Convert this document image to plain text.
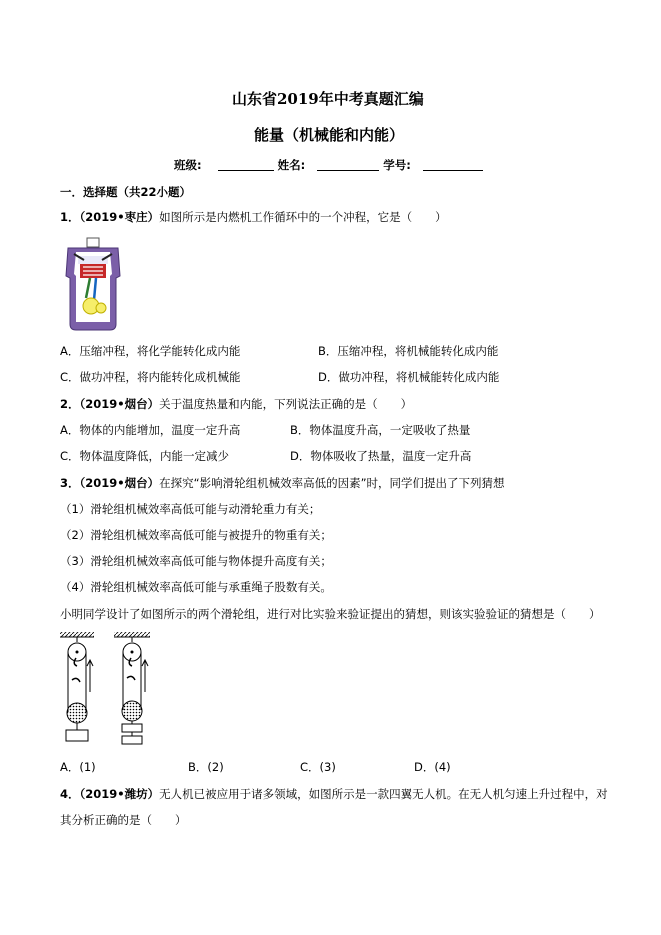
山东省2019年中考真题汇编
能量（机械能和内能）
班级:	姓名:	学号:
一．选择题（共22小题）
1．（2019•枣庄）如图所示是内燃机工作循环中的一个冲程，它是（　　）
A．压缩冲程，将化学能转化成内能	B．压缩冲程，将机械能转化成内能
C．做功冲程，将内能转化成机械能	D．做功冲程，将机械能转化成内能
2．（2019•烟台）关于温度热量和内能，下列说法正确的是（　　）
A．物体的内能增加，温度一定升高	B．物体温度升高，一定吸收了热量
C．物体温度降低，内能一定减少	D．物体吸收了热量，温度一定升高
3．（2019•烟台）在探究“影响滑轮组机械效率高低的因素”时，同学们提出了下列猜想
（1）滑轮组机械效率高低可能与动滑轮重力有关；
（2）滑轮组机械效率高低可能与被提升的物重有关；
（3）滑轮组机械效率高低可能与物体提升高度有关；
（4）滑轮组机械效率高低可能与承重绳子股数有关。
小明同学设计了如图所示的两个滑轮组，进行对比实验来验证提出的猜想，则该实验验证的猜想是（　　）
A．(1)	B．(2)	C．(3)	D．(4)
4．（2019•潍坊）无人机已被应用于诸多领域，如图所示是一款四翼无人机。在无人机匀速上升过程中，对
其分析正确的是（　　）
